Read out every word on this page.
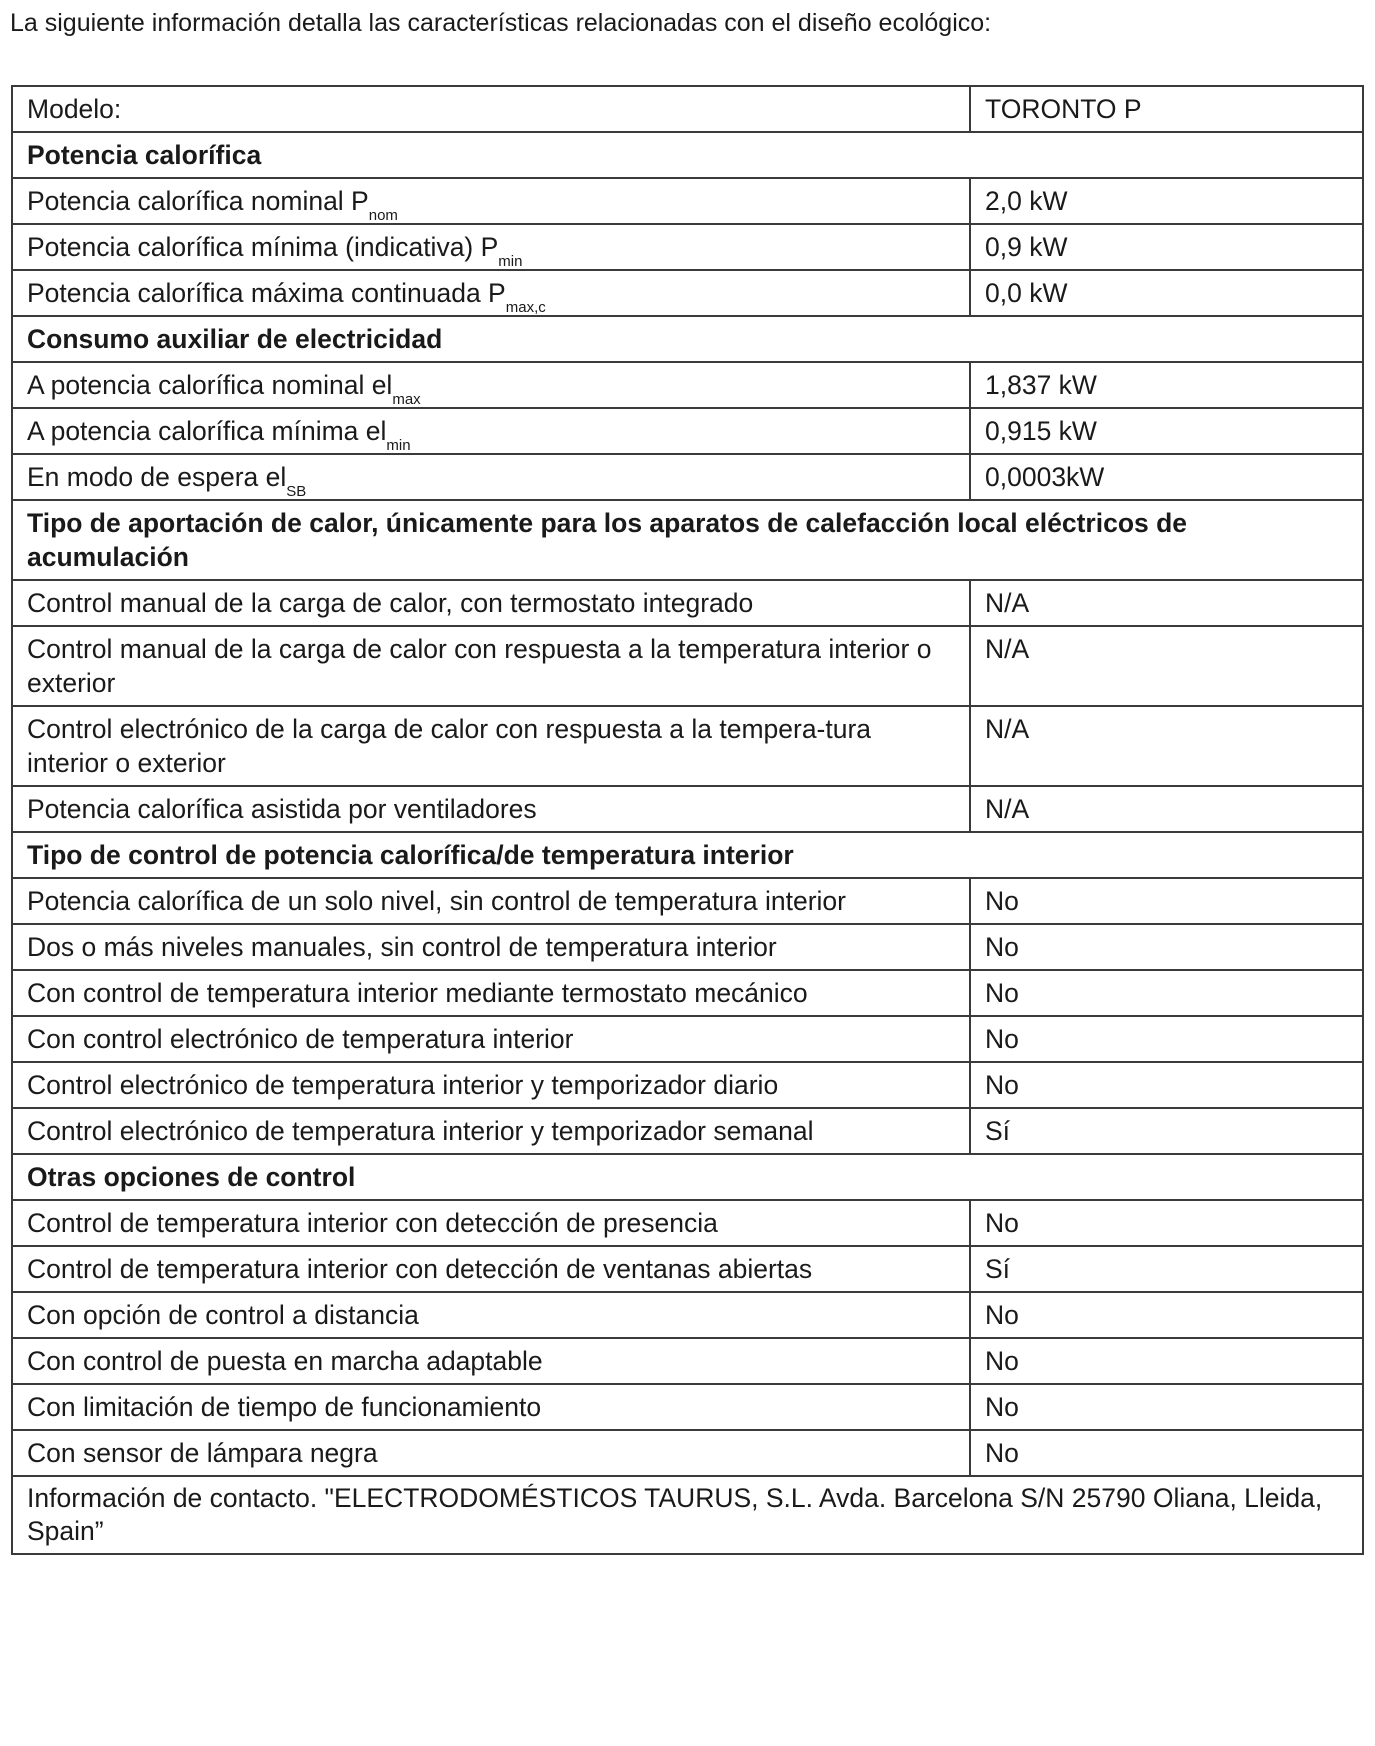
La siguiente información detalla las características relacionadas con el diseño ecológico:
Modelo:	TORONTO P
Potencia calorífica	
Potencia calorífica nominal $P_{nom}$	2,0 kW
Potencia calorífica mínima (indicativa) $P_{min}$	0,9 kW
Potencia calorífica máxima continuada $P_{max,c}$	0,0 kW
Consumo auxiliar de electricidad	
A potencia calorífica nominal $el_{max}$	1,837 kW
A potencia calorífica mínima $el_{min}$	0,915 kW
En modo de espera $el_{SB}$	0,0003kW
Tipo de aportación de calor, únicamente para los aparatos de calefacción local eléctricos de acumulación	
Control manual de la carga de calor, con termostato integrado	N/A
Control manual de la carga de calor con respuesta a la temperatura interior o exterior	N/A
Control electrónico de la carga de calor con respuesta a la tempera-tura interior o exterior	N/A
Potencia calorífica asistida por ventiladores	N/A
Tipo de control de potencia calorífica/de temperatura interior	
Potencia calorífica de un solo nivel, sin control de temperatura interior	No
Dos o más niveles manuales, sin control de temperatura interior	No
Con control de temperatura interior mediante termostato mecánico	No
Con control electrónico de temperatura interior	No
Control electrónico de temperatura interior y temporizador diario	No
Control electrónico de temperatura interior y temporizador semanal	Sí
Otras opciones de control	
Control de temperatura interior con detección de presencia	No
Control de temperatura interior con detección de ventanas abiertas	Sí
Con opción de control a distancia	No
Con control de puesta en marcha adaptable	No
Con limitación de tiempo de funcionamiento	No
Con sensor de lámpara negra	No
Información de contacto. "ELECTRODOMÉSTICOS TAURUS, S.L. Avda. Barcelona S/N 25790 Oliana, Lleida, Spain”	
